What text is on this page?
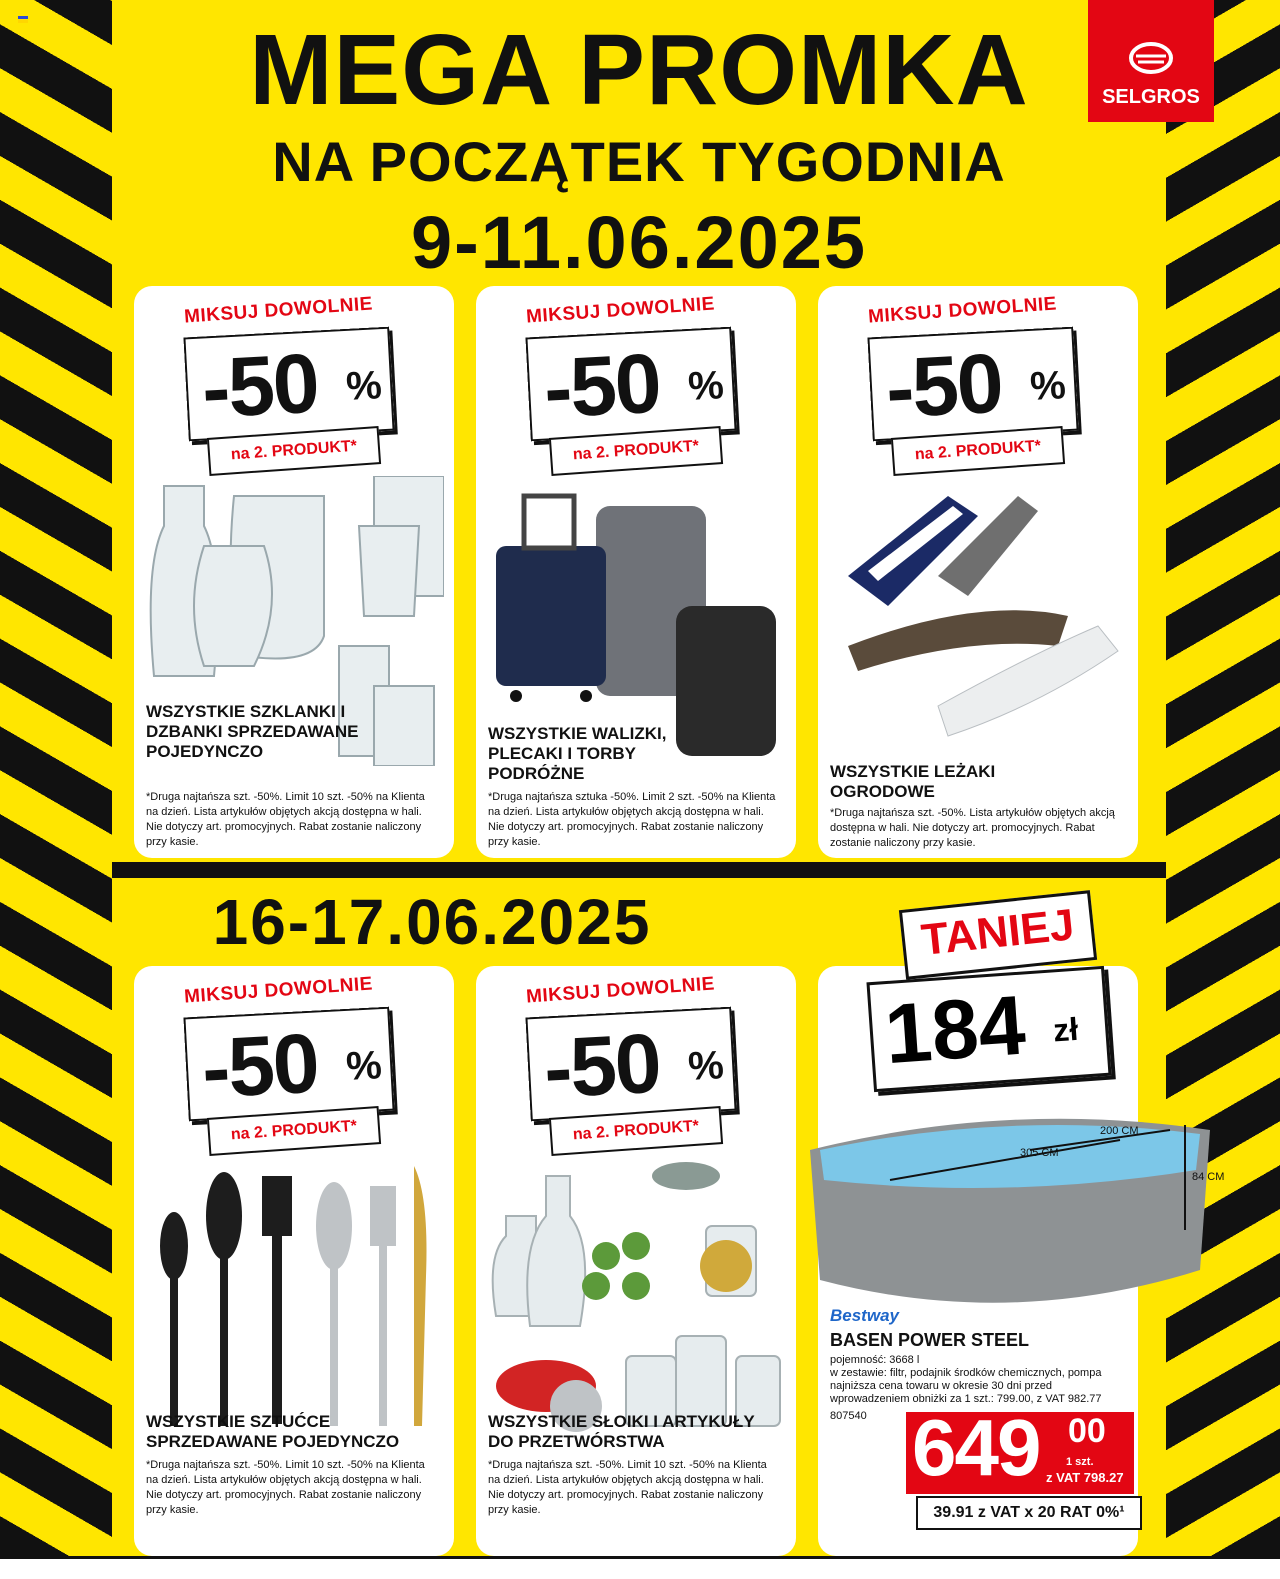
MEGA PROMKA
NA POCZĄTEK TYGODNIA
9-11.06.2025
16-17.06.2025
SELGROS
MIKSUJ DOWOLNIE
-50 %
na 2. PRODUKT*
WSZYSTKIE SZKLANKI I DZBANKI SPRZEDAWANE POJEDYNCZO
*Druga najtańsza szt. -50%. Limit 10 szt. -50% na Klienta na dzień. Lista artykułów objętych akcją dostępna w hali. Nie dotyczy art. promocyjnych. Rabat zostanie naliczony przy kasie.
MIKSUJ DOWOLNIE
-50 %
na 2. PRODUKT*
WSZYSTKIE WALIZKI, PLECAKI I TORBY PODRÓŻNE
*Druga najtańsza sztuka -50%. Limit 2 szt. -50% na Klienta na dzień. Lista artykułów objętych akcją dostępna w hali. Nie dotyczy art. promocyjnych. Rabat zostanie naliczony przy kasie.
MIKSUJ DOWOLNIE
-50 %
na 2. PRODUKT*
WSZYSTKIE LEŻAKI OGRODOWE
*Druga najtańsza szt. -50%. Lista artykułów objętych akcją dostępna w hali. Nie dotyczy art. promocyjnych. Rabat zostanie naliczony przy kasie.
MIKSUJ DOWOLNIE
-50 %
na 2. PRODUKT*
WSZYSTKIE SZTUĆCE SPRZEDAWANE POJEDYNCZO
*Druga najtańsza szt. -50%. Limit 10 szt. -50% na Klienta na dzień. Lista artykułów objętych akcją dostępna w hali. Nie dotyczy art. promocyjnych. Rabat zostanie naliczony przy kasie.
MIKSUJ DOWOLNIE
-50 %
na 2. PRODUKT*
WSZYSTKIE SŁOIKI I ARTYKUŁY DO PRZETWÓRSTWA
*Druga najtańsza szt. -50%. Limit 10 szt. -50% na Klienta na dzień. Lista artykułów objętych akcją dostępna w hali. Nie dotyczy art. promocyjnych. Rabat zostanie naliczony przy kasie.
TANIEJ
184 zł
305 CM
200 CM
84 CM
Bestway
BASEN POWER STEEL
pojemność: 3668 l
w zestawie: filtr, podajnik środków chemicznych, pompa
najniższa cena towaru w okresie 30 dni przed wprowadzeniem obniżki za 1 szt.: 799.00, z VAT 982.77
807540 649 00
1 szt.
z VAT 798.27
39.91 z VAT x 20 RAT 0%¹
